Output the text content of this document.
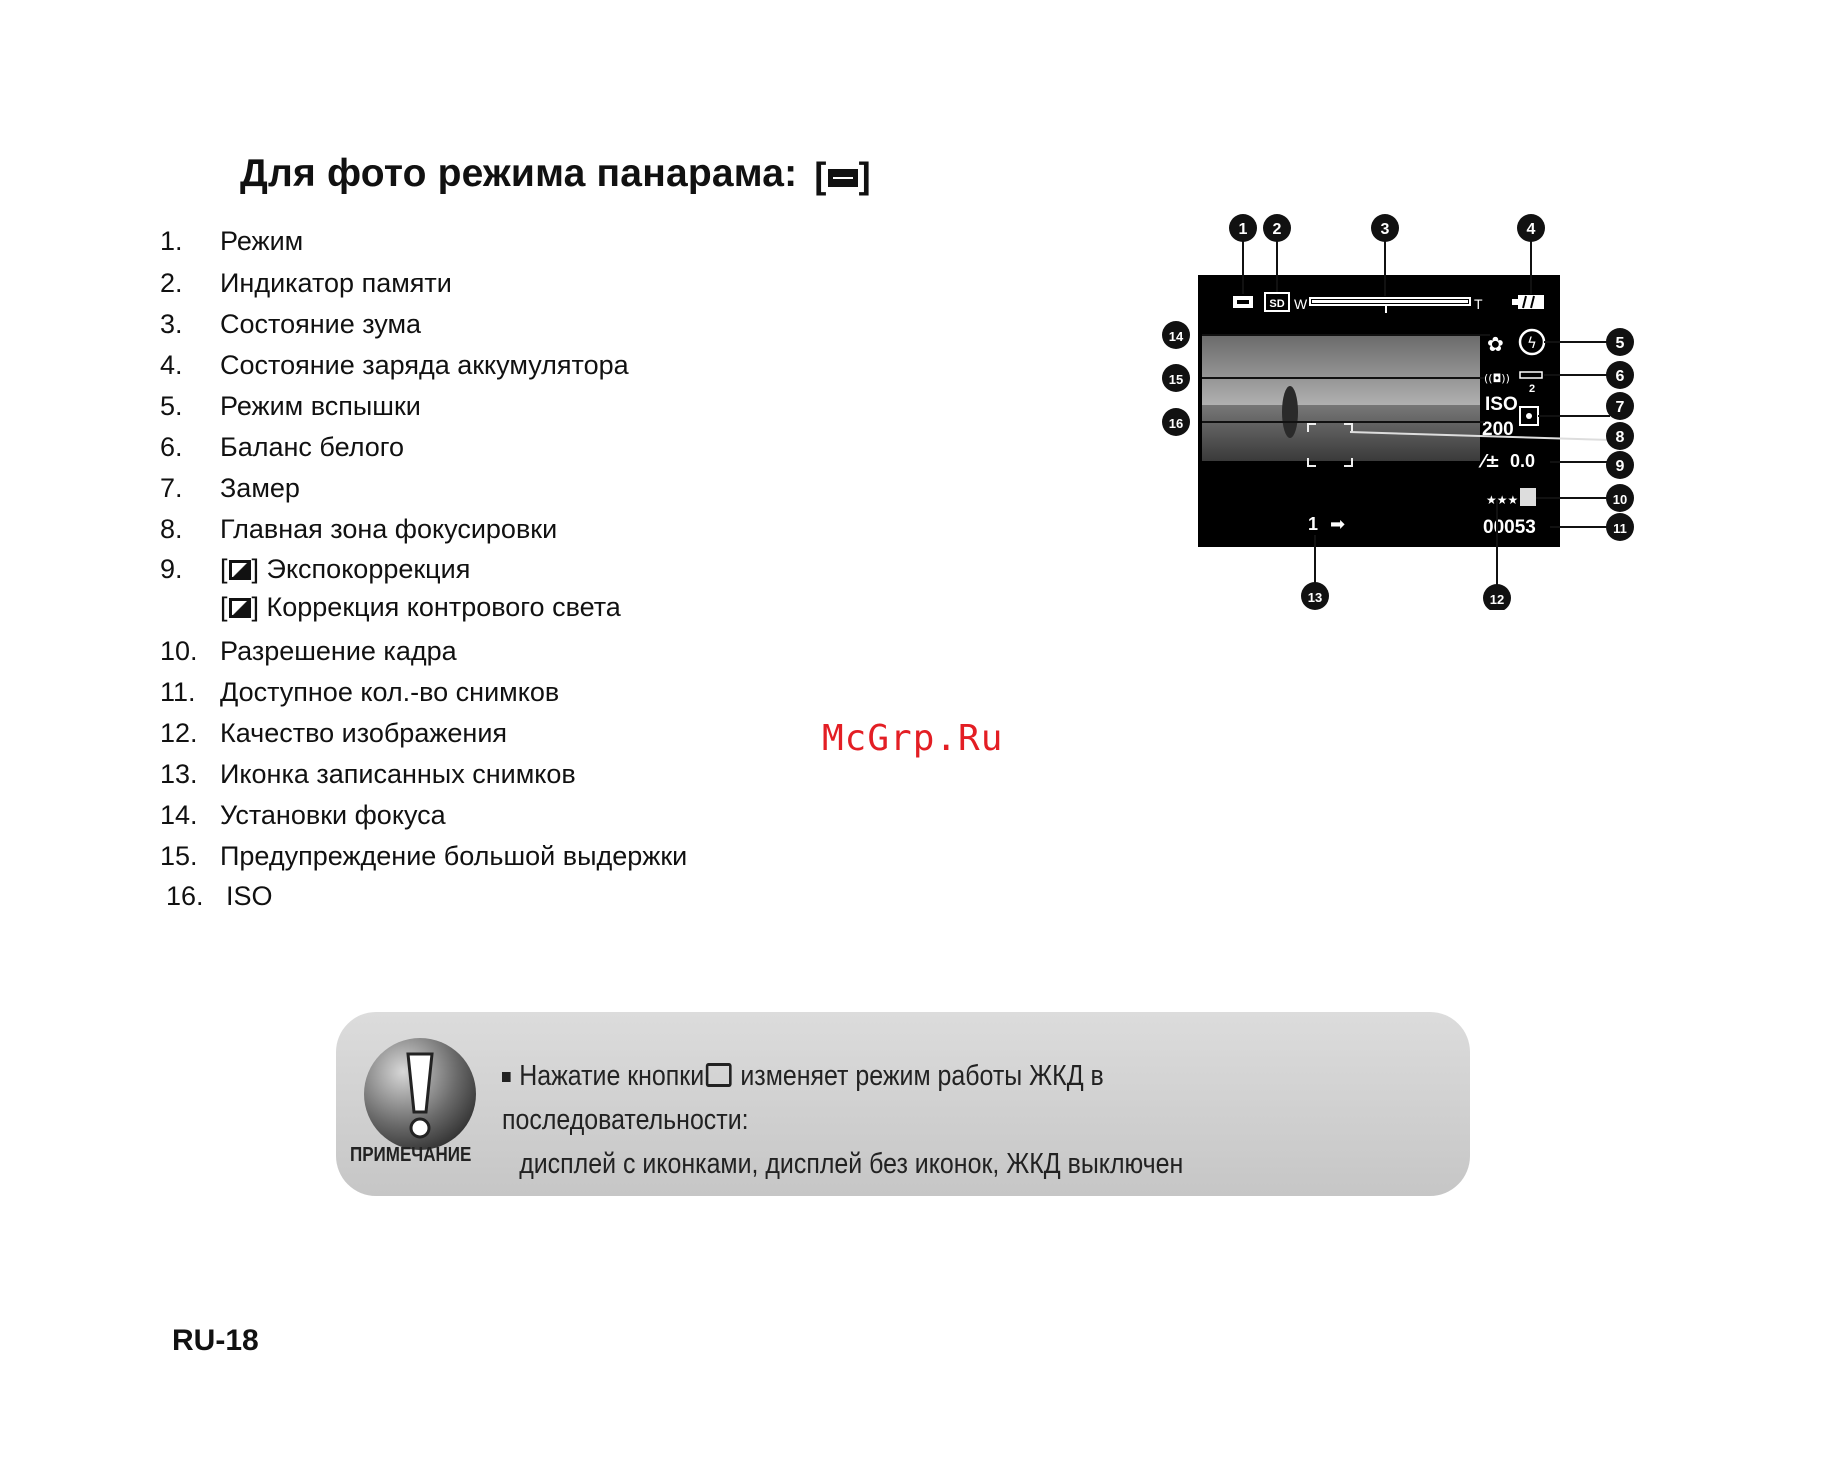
Для фото режима панарама: [ ]
1.	Режим
2.	Индикатор памяти
3.	Состояние зума
4.	Состояние заряда аккумулятора
5.	Режим вспышки
6.	Баланс белого
7.	Замер
8.	Главная зона фокусировки
9.	[ ] Экспокоррекция
[ ] Коррекция контрового света
10. Разрешение кадра
11. Доступное кол.-во снимков
12. Качество изображения
13. Иконка записанных снимков
14. Установки фокуса
15. Предупреждение большой выдержки
16. ISO
McGrp.Ru
SD W	T
✿ ϟ
((◘))
2
ISO
200
⁄± 0.0
★★★
00053
1 ➡
1 2	3	4
5
6
7
8
9
10
11
12
13
14
15
16
ПРИМЕЧАНИЕ
Нажатие кнопки изменяет режим работы ЖКД в последовательности:
дисплей с иконками, дисплей без иконок, ЖКД выключен
RU-18
